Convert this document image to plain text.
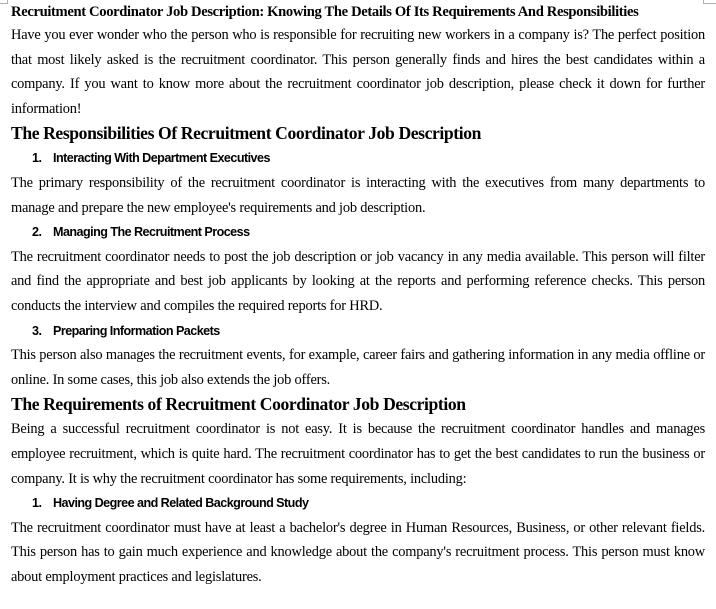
Recruitment Coordinator Job Description: Knowing The Details Of Its Requirements And Responsibilities

Have you ever wonder who the person who is responsible for recruiting new workers in a company is? The perfect position that most likely asked is the recruitment coordinator. This person generally finds and hires the best candidates within a company. If you want to know more about the recruitment coordinator job description, please check it down for further information!

The Responsibilities Of Recruitment Coordinator Job Description
1. Interacting With Department Executives

The primary responsibility of the recruitment coordinator is interacting with the executives from many departments to manage and prepare the new employee's requirements and job description.

2. Managing The Recruitment Process

The recruitment coordinator needs to post the job description or job vacancy in any media available. This person will filter and find the appropriate and best job applicants by looking at the reports and performing reference checks. This person conducts the interview and compiles the required reports for HRD.

3. Preparing Information Packets

This person also manages the recruitment events, for example, career fairs and gathering information in any media offline or online. In some cases, this job also extends the job offers.

The Requirements of Recruitment Coordinator Job Description

Being a successful recruitment coordinator is not easy. It is because the recruitment coordinator handles and manages employee recruitment, which is quite hard. The recruitment coordinator has to get the best candidates to run the business or company. It is why the recruitment coordinator has some requirements, including:

1. Having Degree and Related Background Study

The recruitment coordinator must have at least a bachelor's degree in Human Resources, Business, or other relevant fields. This person has to gain much experience and knowledge about the company's recruitment process. This person must know about employment practices and legislatures.
